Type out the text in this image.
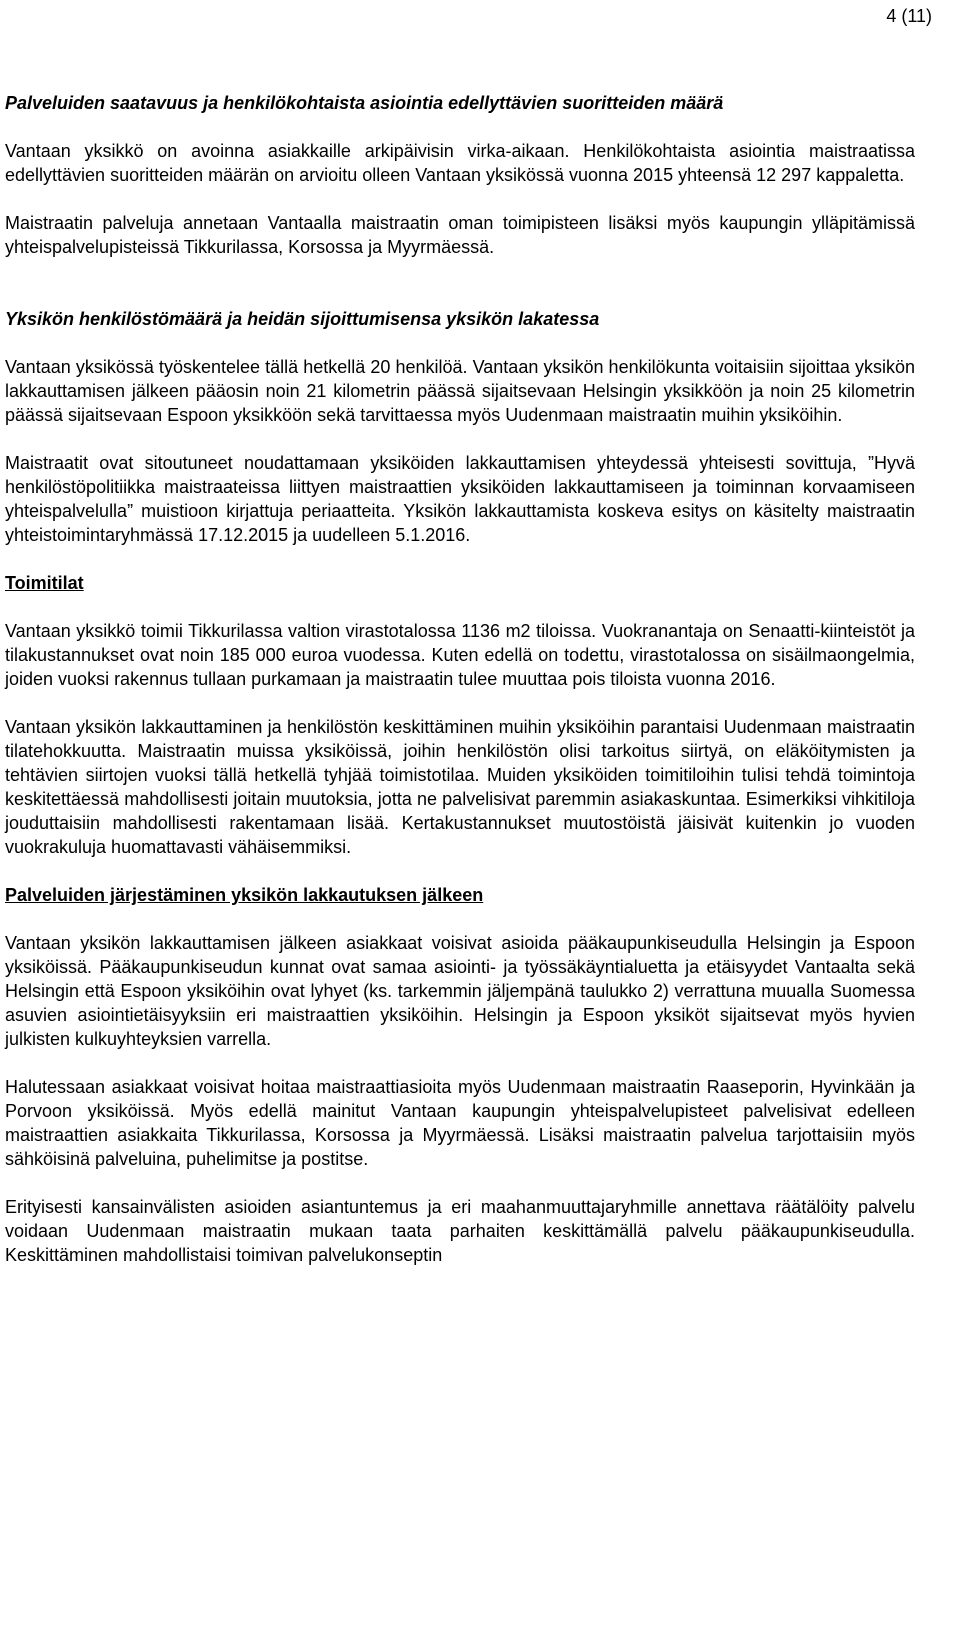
4 (11)
Palveluiden saatavuus ja henkilökohtaista asiointia edellyttävien suoritteiden määrä

Vantaan yksikkö on avoinna asiakkaille arkipäivisin virka-aikaan. Henkilökohtaista asiointia maistraatissa edellyttävien suoritteiden määrän on arvioitu olleen Vantaan yksikössä vuonna 2015 yhteensä 12 297 kappaletta.

Maistraatin palveluja annetaan Vantaalla maistraatin oman toimipisteen lisäksi myös kaupungin ylläpitämissä yhteispalvelupisteissä Tikkurilassa, Korsossa ja Myyrmäessä.

Yksikön henkilöstömäärä ja heidän sijoittumisensa yksikön lakatessa

Vantaan yksikössä työskentelee tällä hetkellä 20 henkilöä. Vantaan yksikön henkilökunta voitaisiin sijoittaa yksikön lakkauttamisen jälkeen pääosin noin 21 kilometrin päässä sijaitsevaan Helsingin yksikköön ja noin 25 kilometrin päässä sijaitsevaan Espoon yksikköön sekä tarvittaessa myös Uudenmaan maistraatin muihin yksiköihin.

Maistraatit ovat sitoutuneet noudattamaan yksiköiden lakkauttamisen yhteydessä yhteisesti sovittuja, ”Hyvä henkilöstöpolitiikka maistraateissa liittyen maistraattien yksiköiden lakkauttamiseen ja toiminnan korvaamiseen yhteispalvelulla” muistioon kirjattuja periaatteita. Yksikön lakkauttamista koskeva esitys on käsitelty maistraatin yhteistoimintaryhmässä 17.12.2015 ja uudelleen 5.1.2016.

Toimitilat

Vantaan yksikkö toimii Tikkurilassa valtion virastotalossa 1136 m2 tiloissa. Vuokranantaja on Senaatti-kiinteistöt ja tilakustannukset ovat noin 185 000 euroa vuodessa. Kuten edellä on todettu, virastotalossa on sisäilmaongelmia, joiden vuoksi rakennus tullaan purkamaan ja maistraatin tulee muuttaa pois tiloista vuonna 2016.

Vantaan yksikön lakkauttaminen ja henkilöstön keskittäminen muihin yksiköihin parantaisi Uudenmaan maistraatin tilatehokkuutta. Maistraatin muissa yksiköissä, joihin henkilöstön olisi tarkoitus siirtyä, on eläköitymisten ja tehtävien siirtojen vuoksi tällä hetkellä tyhjää toimistotilaa. Muiden yksiköiden toimitiloihin tulisi tehdä toimintoja keskitettäessä mahdollisesti joitain muutoksia, jotta ne palvelisivat paremmin asiakaskuntaa. Esimerkiksi vihkitiloja jouduttaisiin mahdollisesti rakentamaan lisää. Kertakustannukset muutostöistä jäisivät kuitenkin jo vuoden vuokrakuluja huomattavasti vähäisemmiksi.

Palveluiden järjestäminen yksikön lakkautuksen jälkeen

Vantaan yksikön lakkauttamisen jälkeen asiakkaat voisivat asioida pääkaupunkiseudulla Helsingin ja Espoon yksiköissä. Pääkaupunkiseudun kunnat ovat samaa asiointi- ja työssäkäyntialuetta ja etäisyydet Vantaalta sekä Helsingin että Espoon yksiköihin ovat lyhyet (ks. tarkemmin jäljempänä taulukko 2) verrattuna muualla Suomessa asuvien asiointietäisyyksiin eri maistraattien yksiköihin. Helsingin ja Espoon yksiköt sijaitsevat myös hyvien julkisten kulkuyhteyksien varrella.

Halutessaan asiakkaat voisivat hoitaa maistraattiasioita myös Uudenmaan maistraatin Raaseporin, Hyvinkään ja Porvoon yksiköissä. Myös edellä mainitut Vantaan kaupungin yhteispalvelupisteet palvelisivat edelleen maistraattien asiakkaita Tikkurilassa, Korsossa ja Myyrmäessä. Lisäksi maistraatin palvelua tarjottaisiin myös sähköisinä palveluina, puhelimitse ja postitse.

Erityisesti kansainvälisten asioiden asiantuntemus ja eri maahanmuuttajaryhmille annettava räätälöity palvelu voidaan Uudenmaan maistraatin mukaan taata parhaiten keskittämällä palvelu pääkaupunkiseudulla. Keskittäminen mahdollistaisi toimivan palvelukonseptin
